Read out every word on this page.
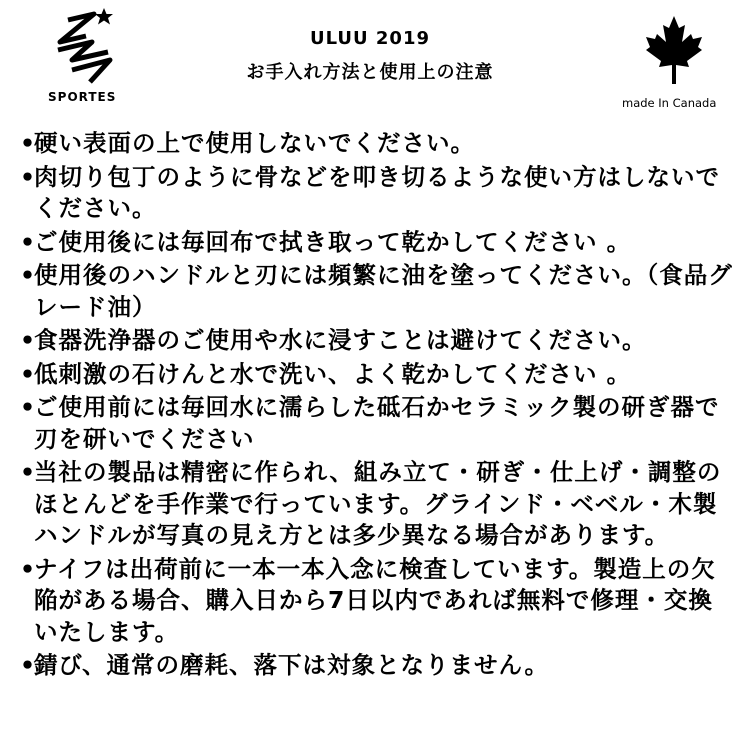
SPORTES
ULUU 2019
お手入れ方法と使用上の注意
made In Canada
•
硬い表面の上で使用しないでください。
•
肉切り包丁のように骨などを叩き切るような使い方はしないでください。
•
ご使用後には毎回布で拭き取って乾かしてください 。
•
使用後のハンドルと刃には頻繁に油を塗ってください。（食品グレード油）
•
食器洗浄器のご使用や水に浸すことは避けてください。
•
低刺激の石けんと水で洗い、よく乾かしてください 。
•
ご使用前には毎回水に濡らした砥石かセラミック製の研ぎ器で刃を研いでください
•
当社の製品は精密に作られ、組み立て・研ぎ・仕上げ・調整のほとんどを手作業で行っています。グラインド・ベベル・木製ハンドルが写真の見え方とは多少異なる場合があります。
•
ナイフは出荷前に一本一本入念に検査しています。製造上の欠陥がある場合、購入日から7日以内であれば無料で修理・交換いたします。
•
錆び、通常の磨耗、落下は対象となりません。
